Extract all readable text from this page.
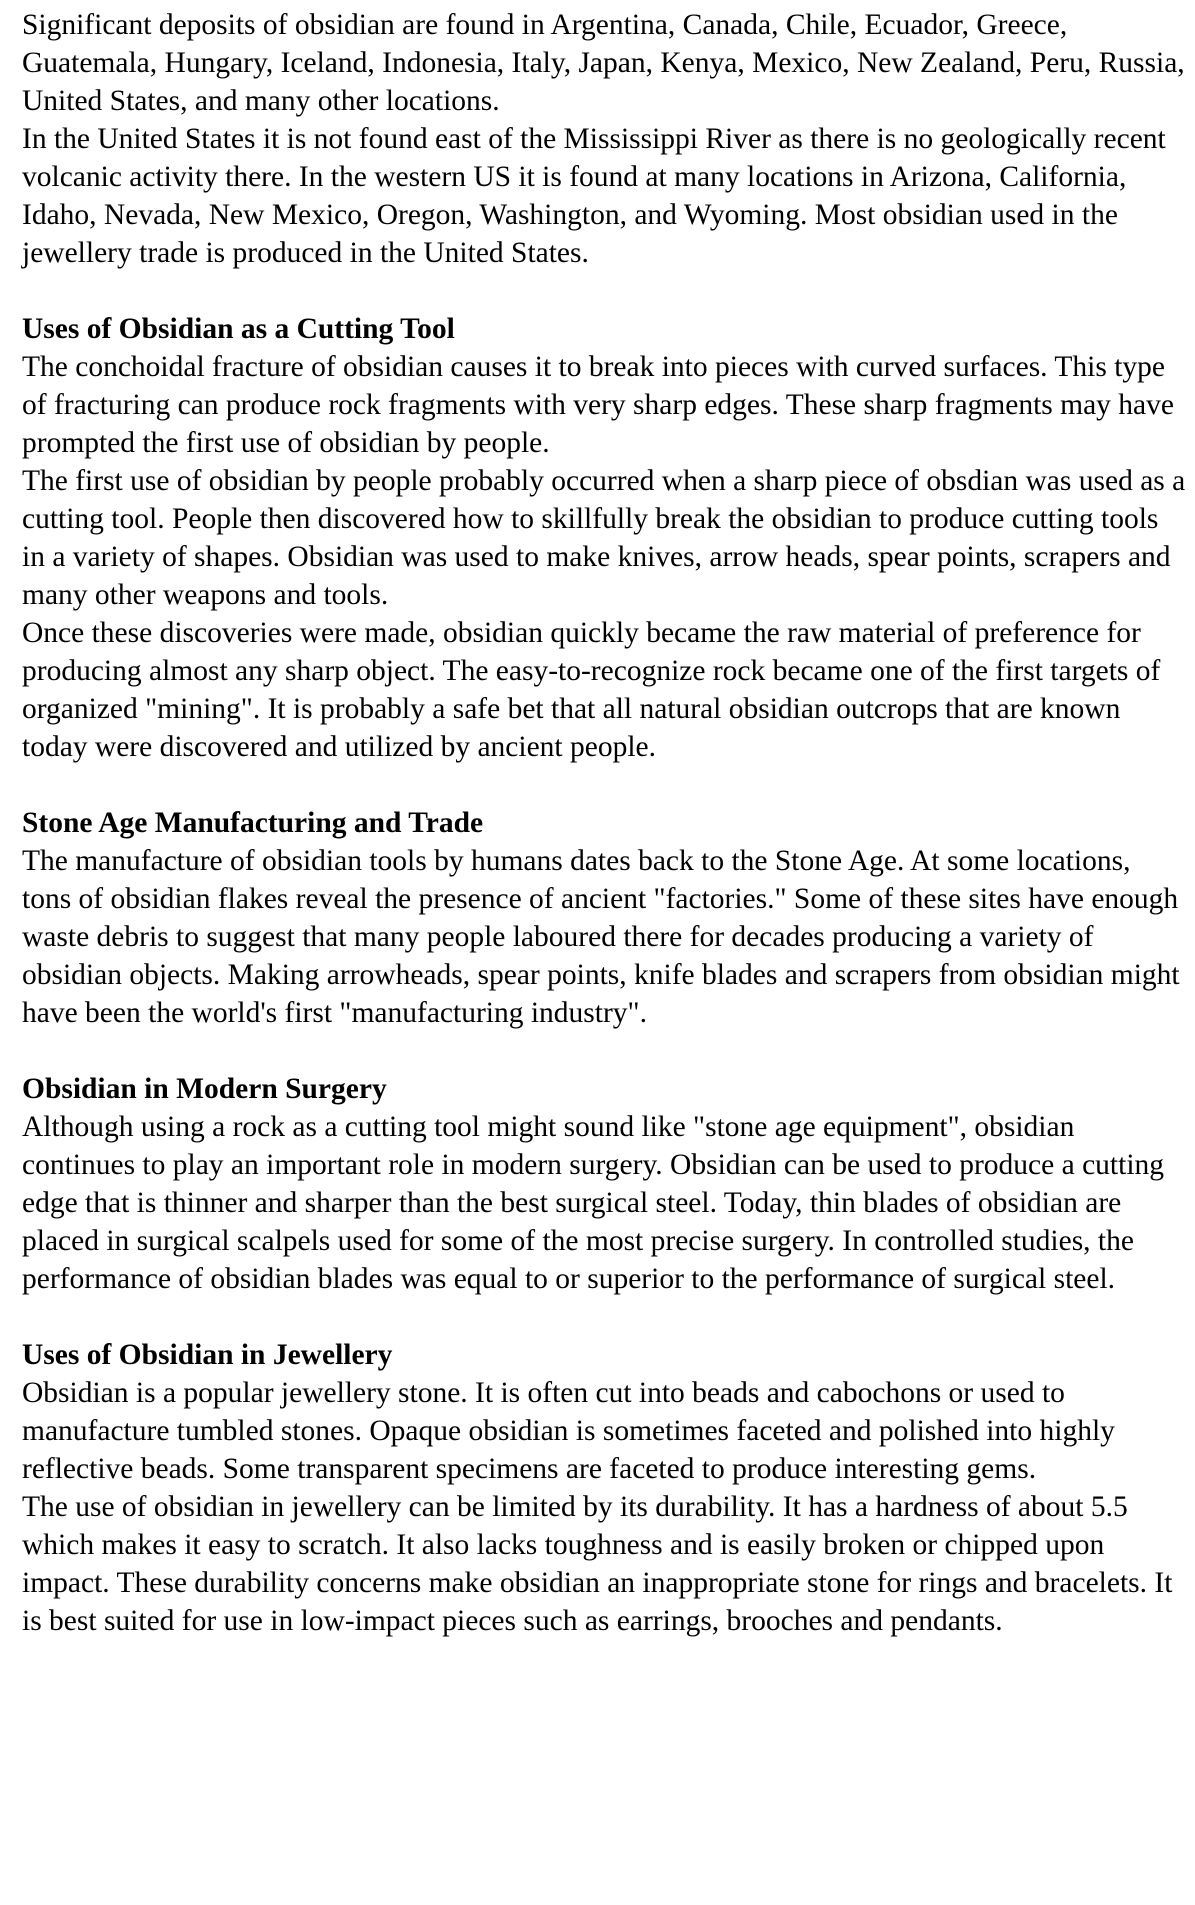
Significant deposits of obsidian are found in Argentina, Canada, Chile, Ecuador, Greece, Guatemala, Hungary, Iceland, Indonesia, Italy, Japan, Kenya, Mexico, New Zealand, Peru, Russia, United States, and many other locations.

In the United States it is not found east of the Mississippi River as there is no geologically recent volcanic activity there. In the western US it is found at many locations in Arizona, California, Idaho, Nevada, New Mexico, Oregon, Washington, and Wyoming. Most obsidian used in the jewellery trade is produced in the United States.

Uses of Obsidian as a Cutting Tool

The conchoidal fracture of obsidian causes it to break into pieces with curved surfaces. This type of fracturing can produce rock fragments with very sharp edges. These sharp fragments may have prompted the first use of obsidian by people.

The first use of obsidian by people probably occurred when a sharp piece of obsdian was used as a cutting tool. People then discovered how to skillfully break the obsidian to produce cutting tools in a variety of shapes. Obsidian was used to make knives, arrow heads, spear points, scrapers and many other weapons and tools.

Once these discoveries were made, obsidian quickly became the raw material of preference for producing almost any sharp object. The easy-to-recognize rock became one of the first targets of organized "mining". It is probably a safe bet that all natural obsidian outcrops that are known today were discovered and utilized by ancient people.

Stone Age Manufacturing and Trade

The manufacture of obsidian tools by humans dates back to the Stone Age. At some locations, tons of obsidian flakes reveal the presence of ancient "factories." Some of these sites have enough waste debris to suggest that many people laboured there for decades producing a variety of obsidian objects. Making arrowheads, spear points, knife blades and scrapers from obsidian might have been the world's first "manufacturing industry".

Obsidian in Modern Surgery

Although using a rock as a cutting tool might sound like "stone age equipment", obsidian continues to play an important role in modern surgery. Obsidian can be used to produce a cutting edge that is thinner and sharper than the best surgical steel. Today, thin blades of obsidian are placed in surgical scalpels used for some of the most precise surgery. In controlled studies, the performance of obsidian blades was equal to or superior to the performance of surgical steel.

Uses of Obsidian in Jewellery

Obsidian is a popular jewellery stone. It is often cut into beads and cabochons or used to manufacture tumbled stones. Opaque obsidian is sometimes faceted and polished into highly reflective beads. Some transparent specimens are faceted to produce interesting gems.

The use of obsidian in jewellery can be limited by its durability. It has a hardness of about 5.5 which makes it easy to scratch. It also lacks toughness and is easily broken or chipped upon impact. These durability concerns make obsidian an inappropriate stone for rings and bracelets. It is best suited for use in low-impact pieces such as earrings, brooches and pendants.
